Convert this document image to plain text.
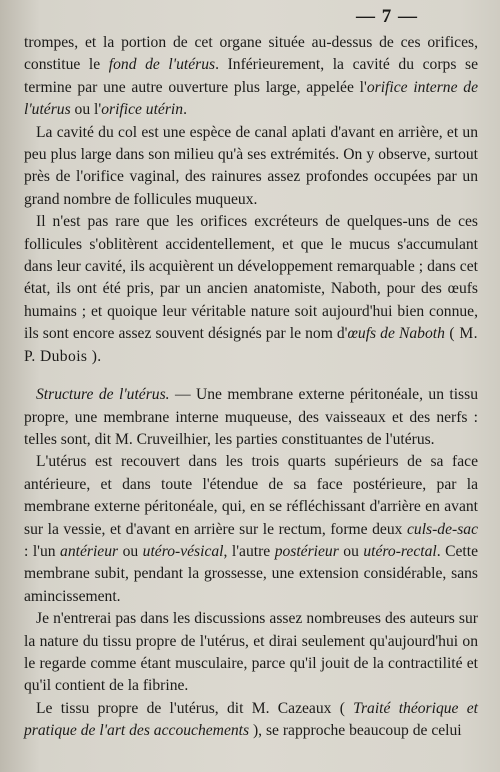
— 7 —

trompes, et la portion de cet organe située au-dessus de ces orifices, constitue le fond de l'utérus. Inférieurement, la cavité du corps se termine par une autre ouverture plus large, appelée l'orifice interne de l'utérus ou l'orifice utérin.

La cavité du col est une espèce de canal aplati d'avant en arrière, et un peu plus large dans son milieu qu'à ses extrémités. On y observe, surtout près de l'orifice vaginal, des rainures assez profondes occupées par un grand nombre de follicules muqueux.

Il n'est pas rare que les orifices excréteurs de quelques-uns de ces follicules s'oblitèrent accidentellement, et que le mucus s'accumulant dans leur cavité, ils acquièrent un développement remarquable ; dans cet état, ils ont été pris, par un ancien anatomiste, Naboth, pour des œufs humains ; et quoique leur véritable nature soit aujourd'hui bien connue, ils sont encore assez souvent désignés par le nom d'œufs de Naboth ( M. P. Dubois ).

Structure de l'utérus. — Une membrane externe péritonéale, un tissu propre, une membrane interne muqueuse, des vaisseaux et des nerfs : telles sont, dit M. Cruveilhier, les parties constituantes de l'utérus.

L'utérus est recouvert dans les trois quarts supérieurs de sa face antérieure, et dans toute l'étendue de sa face postérieure, par la membrane externe péritonéale, qui, en se réfléchissant d'arrière en avant sur la vessie, et d'avant en arrière sur le rectum, forme deux culs-de-sac : l'un antérieur ou utéro-vésical, l'autre postérieur ou utéro-rectal. Cette membrane subit, pendant la grossesse, une extension considérable, sans amincissement.

Je n'entrerai pas dans les discussions assez nombreuses des auteurs sur la nature du tissu propre de l'utérus, et dirai seulement qu'aujourd'hui on le regarde comme étant musculaire, parce qu'il jouit de la contractilité et qu'il contient de la fibrine.

Le tissu propre de l'utérus, dit M. Cazeaux ( Traité théorique et pratique de l'art des accouchements ), se rapproche beaucoup de celui
